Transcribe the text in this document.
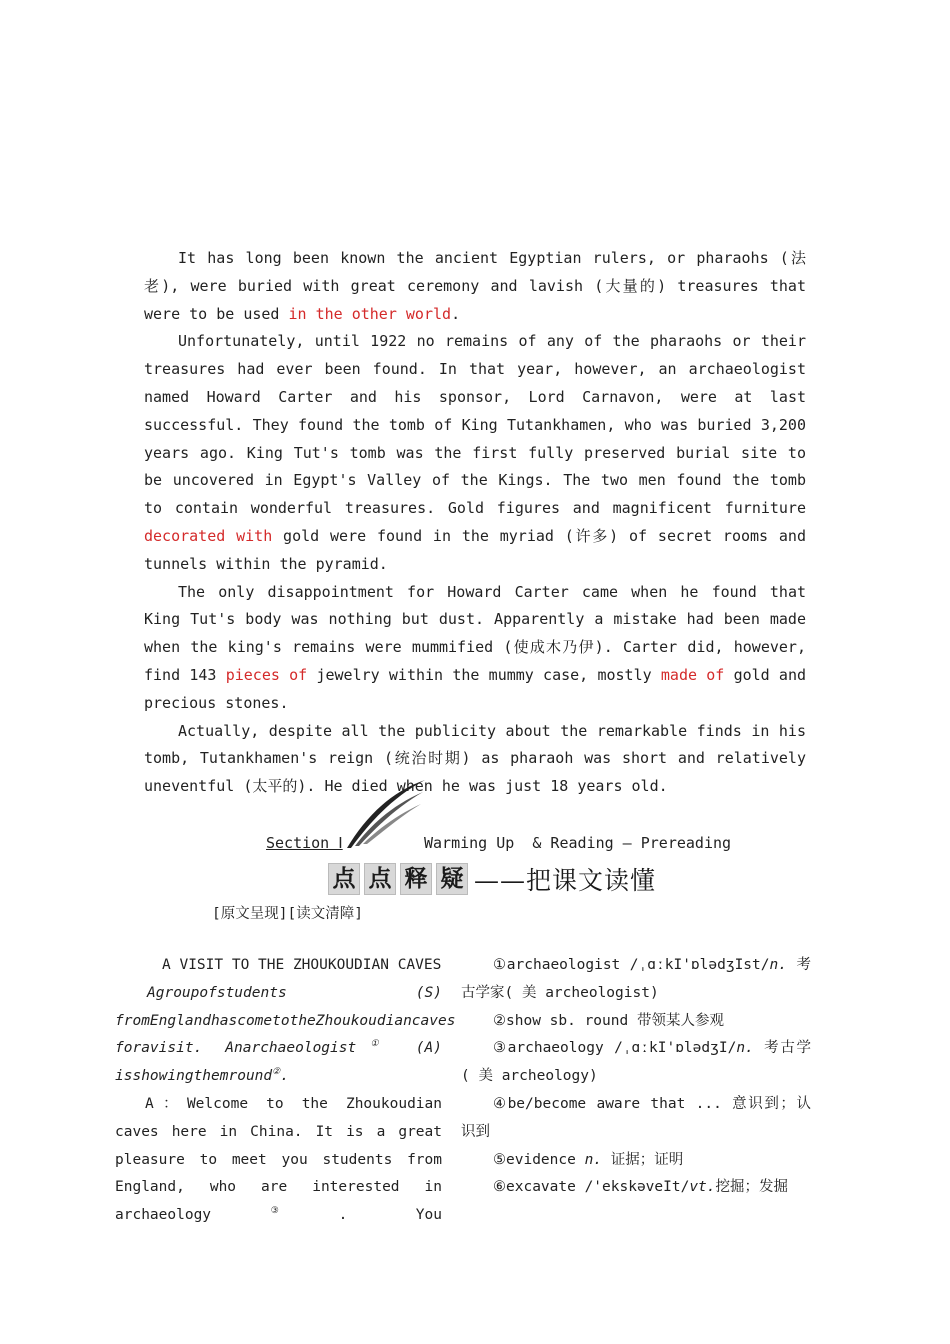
It has long been known the ancient Egyptian rulers, or pharaohs (法老), were buried with great ceremony and lavish (大量的) treasures that were to be used in the other world.

Unfortunately, until 1922 no remains of any of the pharaohs or their treasures had ever been found. In that year, however, an archaeologist named Howard Carter and his sponsor, Lord Carnavon, were at last successful. They found the tomb of King Tutankhamen, who was buried 3,200 years ago. King Tut's tomb was the first fully preserved burial site to be uncovered in Egypt's Valley of the Kings. The two men found the tomb to contain wonderful treasures. Gold figures and magnificent furniture decorated with gold were found in the myriad (许多) of secret rooms and tunnels within the pyramid.

The only disappointment for Howard Carter came when he found that King Tut's body was nothing but dust. Apparently a mistake had been made when the king's remains were mummified (使成木乃伊). Carter did, however, find 143 pieces of jewelry within the mummy case, mostly made of gold and precious stones.

Actually, despite all the publicity about the remarkable finds in his tomb, Tutankhamen's reign (统治时期) as pharaoh was short and relatively uneventful (太平的). He died when he was just 18 years old.

Section Ⅰ	Warming Up  & Reading — Prereading
点 点 释 疑 ——把课文读懂
[原文呈现][读文清障]

A VISIT TO THE ZHOUKOUDIAN CAVES

Agroupofstudents (S) fromEnglandhascometotheZhoukoudiancaves foravisit. Anarchaeologist① (A) isshowingthemround②.

A：Welcome to the Zhoukoudian caves here in China. It is a great pleasure to meet you students from England, who are interested in archaeology③. You

①archaeologist /ˌɑːkI'ɒlədʒIst/n. 考古学家( 美 archeologist)

②show sb. round 带领某人参观

③archaeology /ˌɑːkI'ɒlədʒI/n. 考古学( 美 archeology)

④be/become aware that ... 意识到；认识到

⑤evidence n. 证据；证明

⑥excavate /'ekskəveIt/vt.挖掘；发掘
